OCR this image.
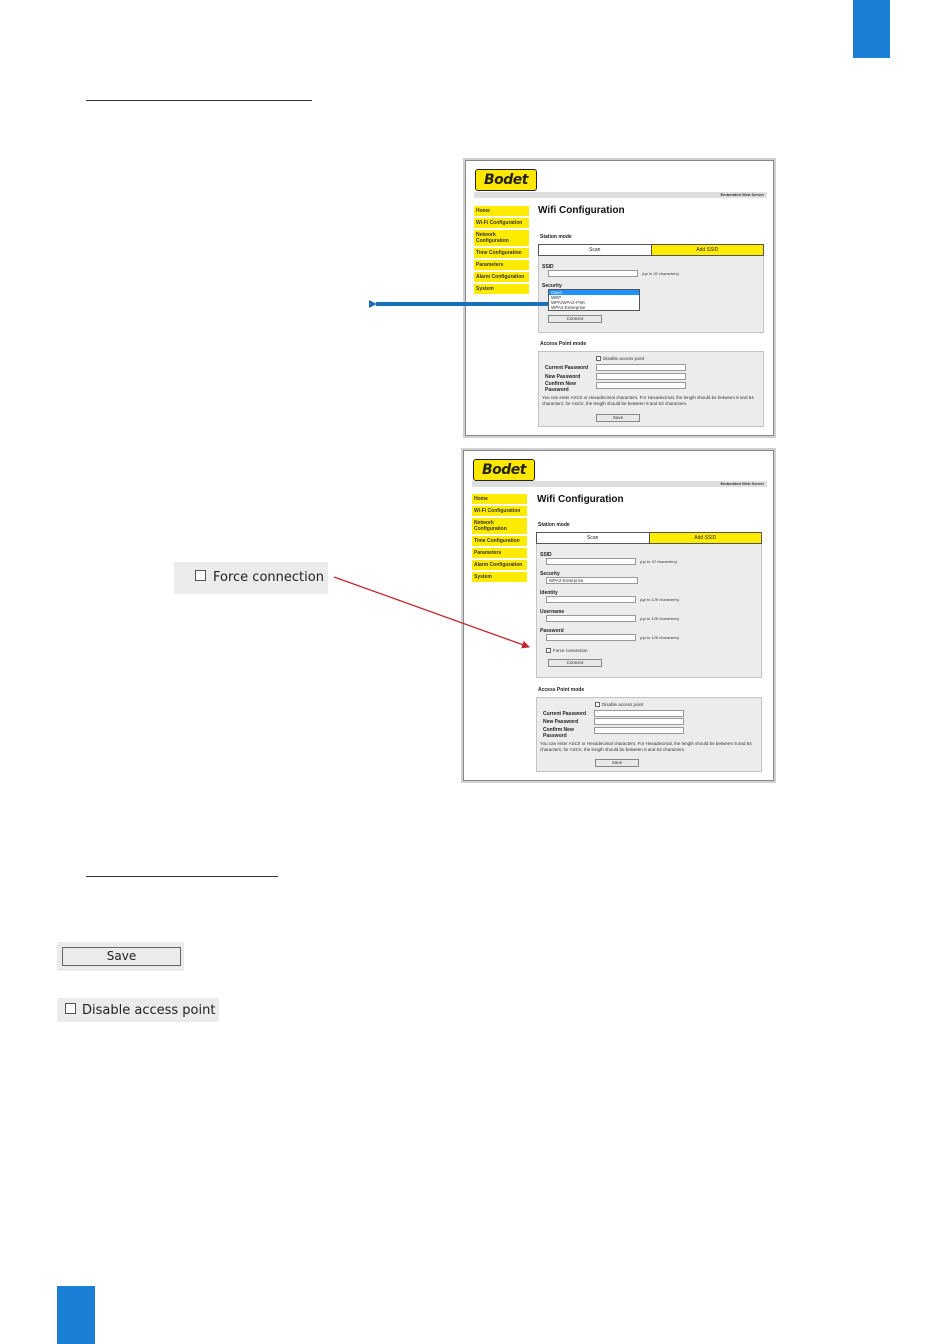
Bodet
Embedded Web Server
Home
Wi-Fi Configuration
Network Configuration
Time Configuration
Parameters
Alarm Configuration
System
Wifi Configuration
Station mode
Scan	Add SSID
SSID
(up to 32 characters)
Security
Open
WEP
WPA/WPA2-PSK
WPA2-Enterprise
Connect
Access Point mode
Disable access point
Current Password
New Password
Confirm New Password
You can enter ASCII or Hexadecimal characters. For Hexadecimal, the length should be between 8 and 64 characters; for ASCII, the length should be between 8 and 63 characters.
Save
Bodet
Embedded Web Server
Home
Wi-Fi Configuration
Network Configuration
Time Configuration
Parameters
Alarm Configuration
System
Wifi Configuration
Station mode
Scan	Add SSID
SSID
(up to 32 characters)
Security
WPA2-Enterprise
Identity
(up to 128 characters)
Username
(up to 128 characters)
Password
(up to 128 characters)
Force connection
Connect
Access Point mode
Disable access point
Current Password
New Password
Confirm New Password
You can enter ASCII or Hexadecimal characters. For Hexadecimal, the length should be between 8 and 64 characters; for ASCII, the length should be between 8 and 63 characters.
Save
Force connection
Save
Disable access point
